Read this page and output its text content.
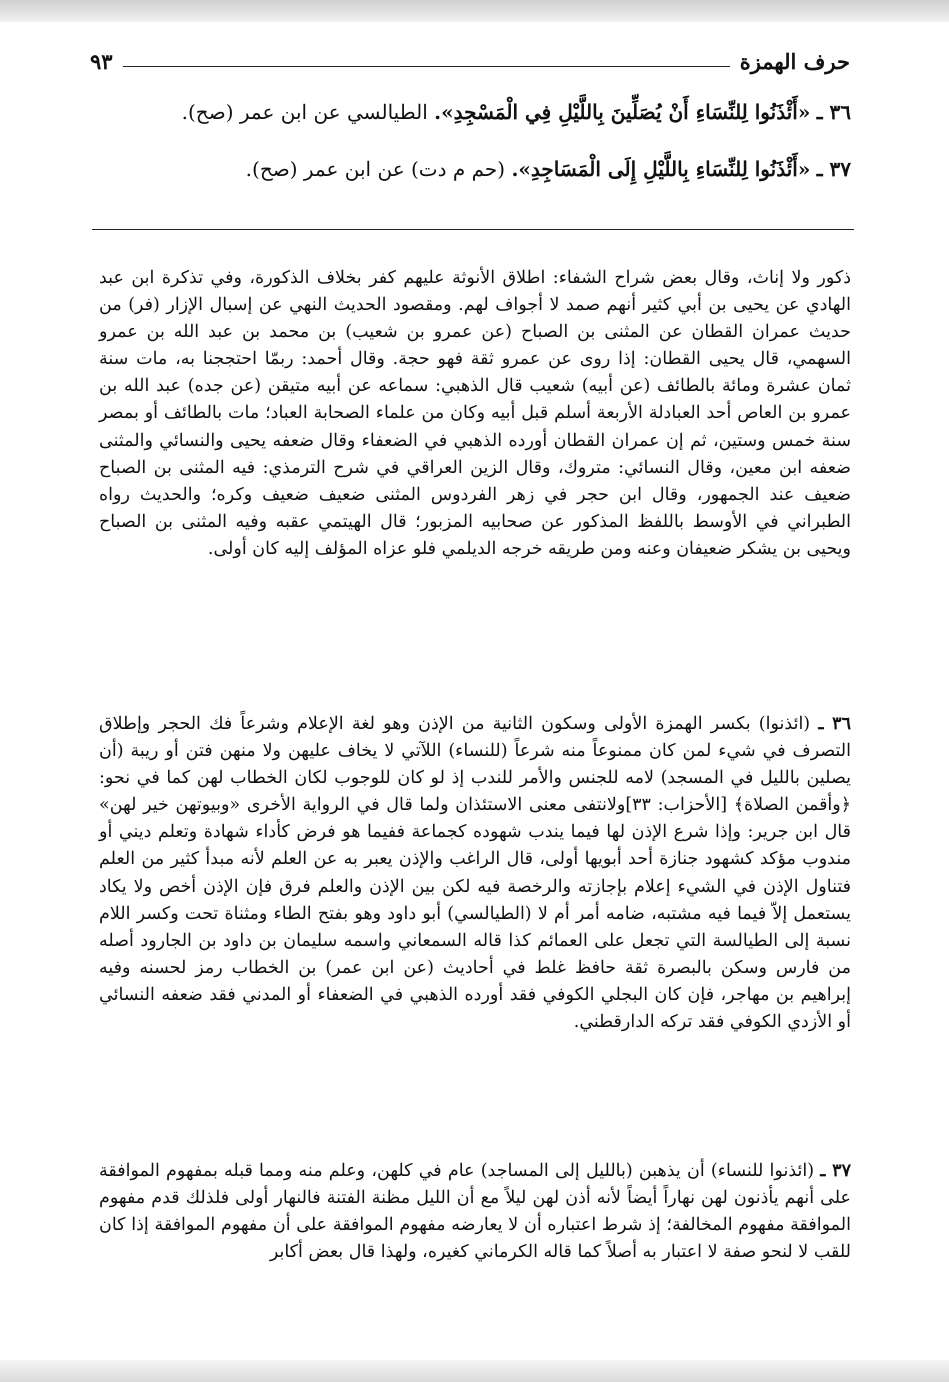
حرف الهمزة
٩٣
٣٦ ـ «أَئْذَنُوا لِلنِّسَاءِ أَنْ يُصَلِّينَ بِاللَّيْلِ فِي الْمَسْجِدِ». الطيالسي عن ابن عمر (صح).
٣٧ ـ «أَئْذَنُوا لِلنِّسَاءِ بِاللَّيْلِ إِلَى الْمَسَاجِدِ». (حم م دت) عن ابن عمر (صح).
ذكور ولا إناث، وقال بعض شراح الشفاء: اطلاق الأنوثة عليهم كفر بخلاف الذكورة، وفي تذكرة ابن عبد الهادي عن يحيى بن أبي كثير أنهم صمد لا أجواف لهم. ومقصود الحديث النهي عن إسبال الإزار (فر) من حديث عمران القطان عن المثنى بن الصباح (عن عمرو بن شعيب) بن محمد بن عبد الله بن عمرو السهمي، قال يحيى القطان: إذا روى عن عمرو ثقة فهو حجة. وقال أحمد: ربمّا احتججنا به، مات سنة ثمان عشرة ومائة بالطائف (عن أبيه) شعيب قال الذهبي: سماعه عن أبيه متيقن (عن جده) عبد الله بن عمرو بن العاص أحد العبادلة الأربعة أسلم قبل أبيه وكان من علماء الصحابة العباد؛ مات بالطائف أو بمصر سنة خمس وستين، ثم إن عمران القطان أورده الذهبي في الضعفاء وقال ضعفه يحيى والنسائي والمثنى ضعفه ابن معين، وقال النسائي: متروك، وقال الزين العراقي في شرح الترمذي: فيه المثنى بن الصباح ضعيف عند الجمهور، وقال ابن حجر في زهر الفردوس المثنى ضعيف ضعيف وكره؛ والحديث رواه الطبراني في الأوسط باللفظ المذكور عن صحابيه المزبور؛ قال الهيتمي عقبه وفيه المثنى بن الصباح ويحيى بن يشكر ضعيفان وعنه ومن طريقه خرجه الديلمي فلو عزاه المؤلف إليه كان أولى.
٣٦ ـ (ائذنوا) بكسر الهمزة الأولى وسكون الثانية من الإذن وهو لغة الإعلام وشرعاً فك الحجر وإطلاق التصرف في شيء لمن كان ممنوعاً منه شرعاً (للنساء) اللآتي لا يخاف عليهن ولا منهن فتن أو ريبة (أن يصلين بالليل في المسجد) لامه للجنس والأمر للندب إذ لو كان للوجوب لكان الخطاب لهن كما في نحو: ﴿وأقمن الصلاة﴾ [الأحزاب: ٣٣]ولانتفى معنى الاستئذان ولما قال في الرواية الأخرى «وبيوتهن خير لهن» قال ابن جرير: وإذا شرع الإذن لها فيما يندب شهوده كجماعة ففيما هو فرض كأداء شهادة وتعلم ديني أو مندوب مؤكد كشهود جنازة أحد أبويها أولى، قال الراغب والإذن يعبر به عن العلم لأنه مبدأ كثير من العلم فتناول الإذن في الشيء إعلام بإجازته والرخصة فيه لكن بين الإذن والعلم فرق فإن الإذن أخص ولا يكاد يستعمل إلاّ فيما فيه مشتبه، ضامه أمر أم لا (الطيالسي) أبو داود وهو بفتح الطاء ومثناة تحت وكسر اللام نسبة إلى الطيالسة التي تجعل على العمائم كذا قاله السمعاني واسمه سليمان بن داود بن الجارود أصله من فارس وسكن بالبصرة ثقة حافظ غلط في أحاديث (عن ابن عمر) بن الخطاب رمز لحسنه وفيه إبراهيم بن مهاجر، فإن كان البجلي الكوفي فقد أورده الذهبي في الضعفاء أو المدني فقد ضعفه النسائي أو الأزدي الكوفي فقد تركه الدارقطني.
٣٧ ـ (ائذنوا للنساء) أن يذهبن (بالليل إلى المساجد) عام في كلهن، وعلم منه ومما قبله بمفهوم الموافقة على أنهم يأذنون لهن نهاراً أيضاً لأنه أذن لهن ليلاً مع أن الليل مظنة الفتنة فالنهار أولى فلذلك قدم مفهوم الموافقة مفهوم المخالفة؛ إذ شرط اعتباره أن لا يعارضه مفهوم الموافقة على أن مفهوم الموافقة إذا كان للقب لا لنحو صفة لا اعتبار به أصلاً كما قاله الكرماني كغيره، ولهذا قال بعض أكابر
